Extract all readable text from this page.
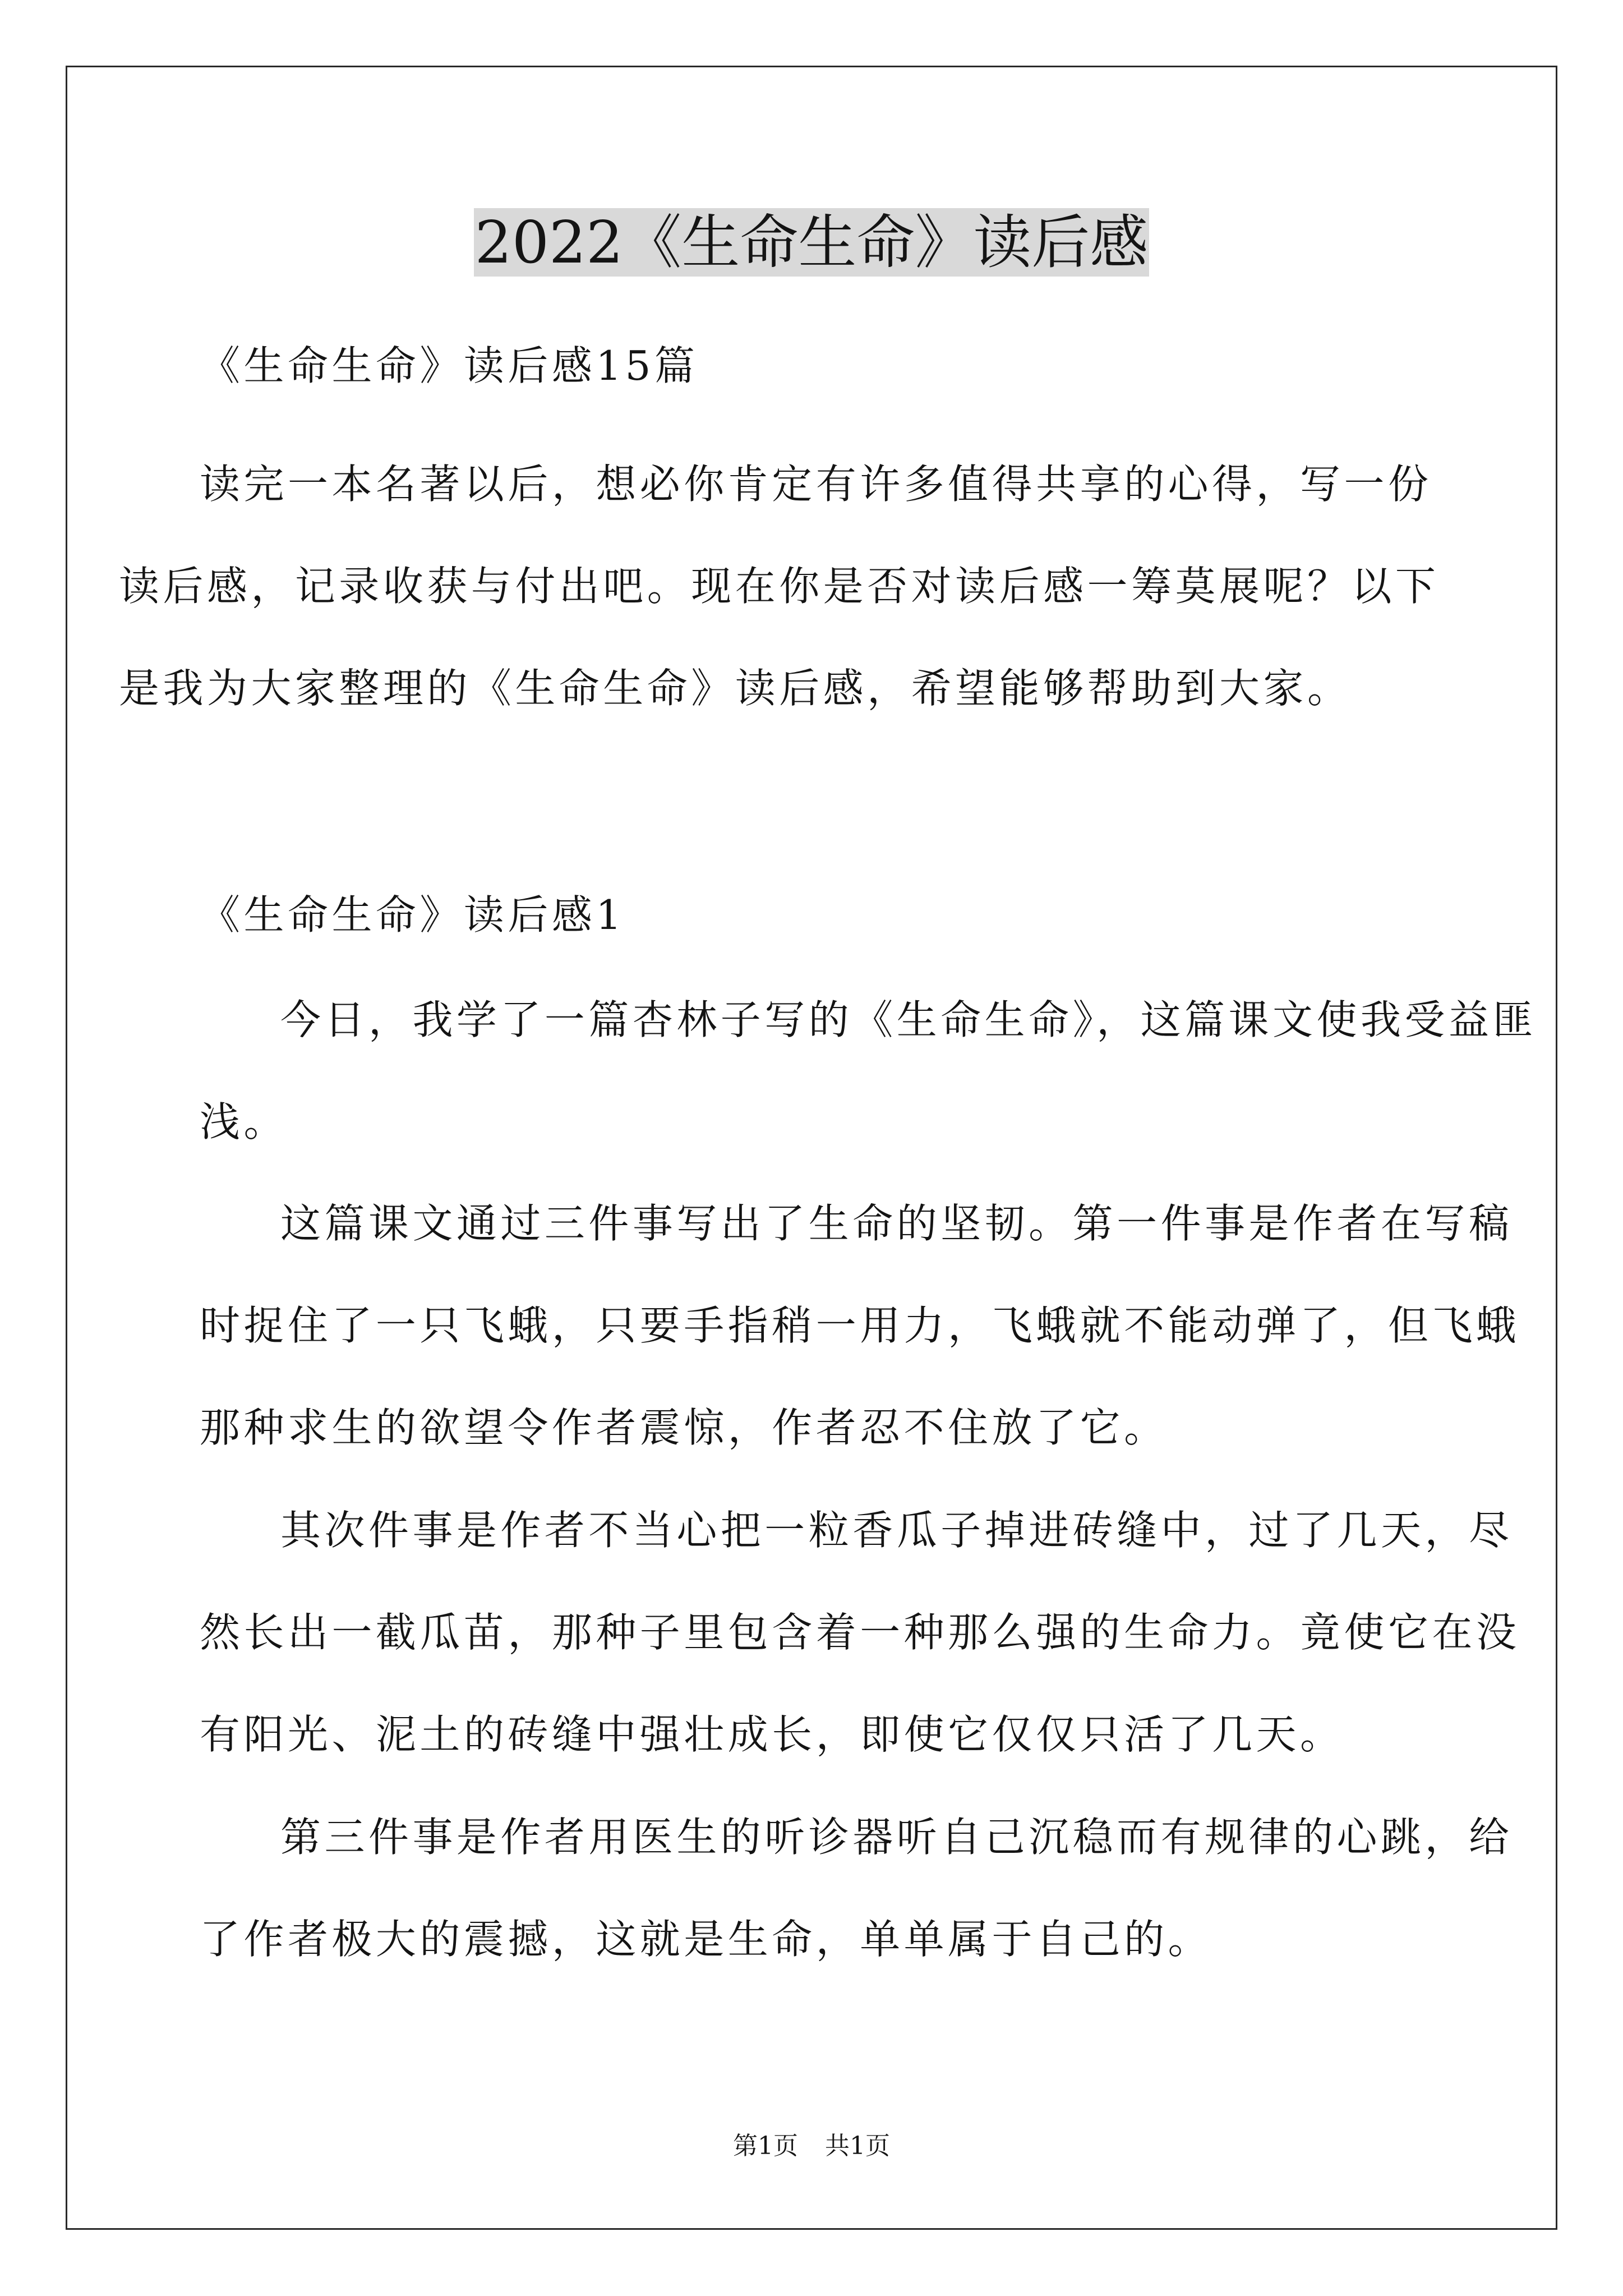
2022《生命生命》读后感

《生命生命》读后感15篇

读完一本名著以后，想必你肯定有许多值得共享的心得，写一份
读后感，记录收获与付出吧。现在你是否对读后感一筹莫展呢？以下
是我为大家整理的《生命生命》读后感，希望能够帮助到大家。

《生命生命》读后感1

今日，我学了一篇杏林子写的《生命生命》，这篇课文使我受益匪
浅。

这篇课文通过三件事写出了生命的坚韧。第一件事是作者在写稿
时捉住了一只飞蛾，只要手指稍一用力，飞蛾就不能动弹了，但飞蛾
那种求生的欲望令作者震惊，作者忍不住放了它。

其次件事是作者不当心把一粒香瓜子掉进砖缝中，过了几天，尽
然长出一截瓜苗，那种子里包含着一种那么强的生命力。竟使它在没
有阳光、泥土的砖缝中强壮成长，即使它仅仅只活了几天。

第三件事是作者用医生的听诊器听自己沉稳而有规律的心跳，给
了作者极大的震撼，这就是生命，单单属于自己的。

第1页 共1页
